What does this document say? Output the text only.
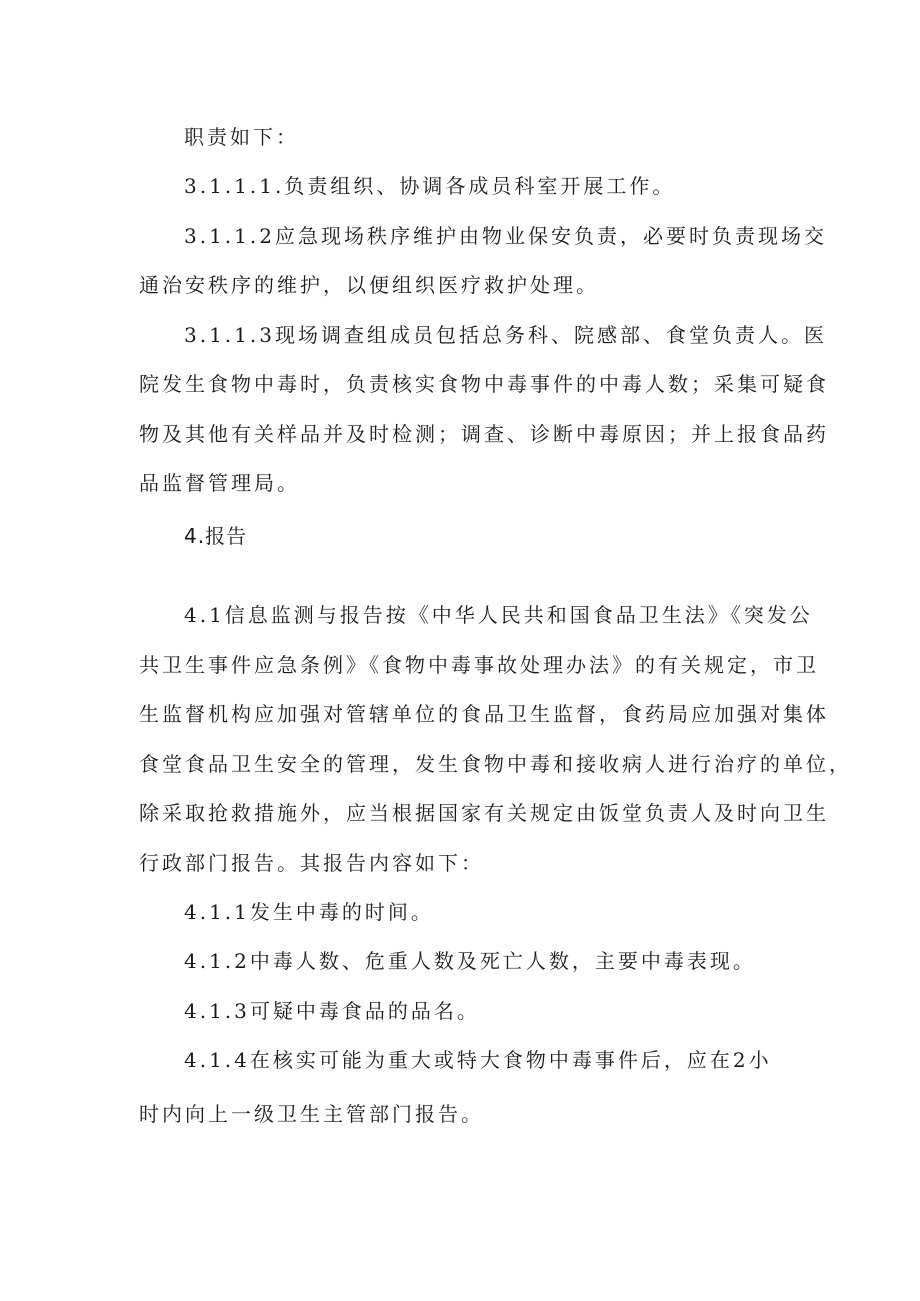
职责如下：
3.1.1.1.负责组织、协调各成员科室开展工作。
3.1.1.2应急现场秩序维护由物业保安负责，必要时负责现场交
通治安秩序的维护，以便组织医疗救护处理。
3.1.1.3现场调查组成员包括总务科、院感部、食堂负责人。医
院发生食物中毒时，负责核实食物中毒事件的中毒人数；采集可疑食
物及其他有关样品并及时检测；调查、诊断中毒原因；并上报食品药
品监督管理局。
4.报告
4.1信息监测与报告按《中华人民共和国食品卫生法》《突发公
共卫生事件应急条例》《食物中毒事故处理办法》的有关规定，市卫
生监督机构应加强对管辖单位的食品卫生监督，食药局应加强对集体
食堂食品卫生安全的管理，发生食物中毒和接收病人进行治疗的单位，
除采取抢救措施外，应当根据国家有关规定由饭堂负责人及时向卫生
行政部门报告。其报告内容如下：
4.1.1发生中毒的时间。
4.1.2中毒人数、危重人数及死亡人数，主要中毒表现。
4.1.3可疑中毒食品的品名。
4.1.4在核实可能为重大或特大食物中毒事件后，应在2小
时内向上一级卫生主管部门报告。
